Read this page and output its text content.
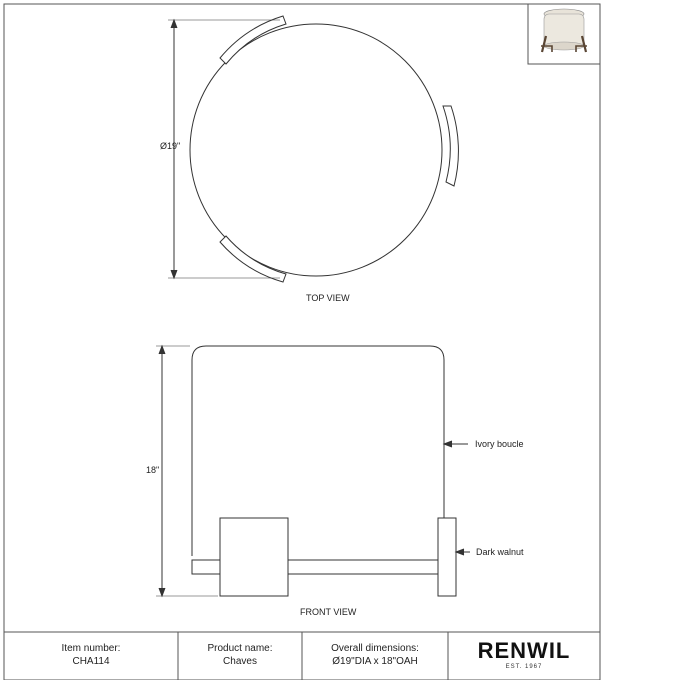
Ø19"
TOP VIEW
18"
FRONT VIEW
Ivory boucle
Dark walnut
Item number:
CHA114
Product name:
Chaves
Overall dimensions:
Ø19"DIA x 18"OAH	RENWIL
EST. 1967
